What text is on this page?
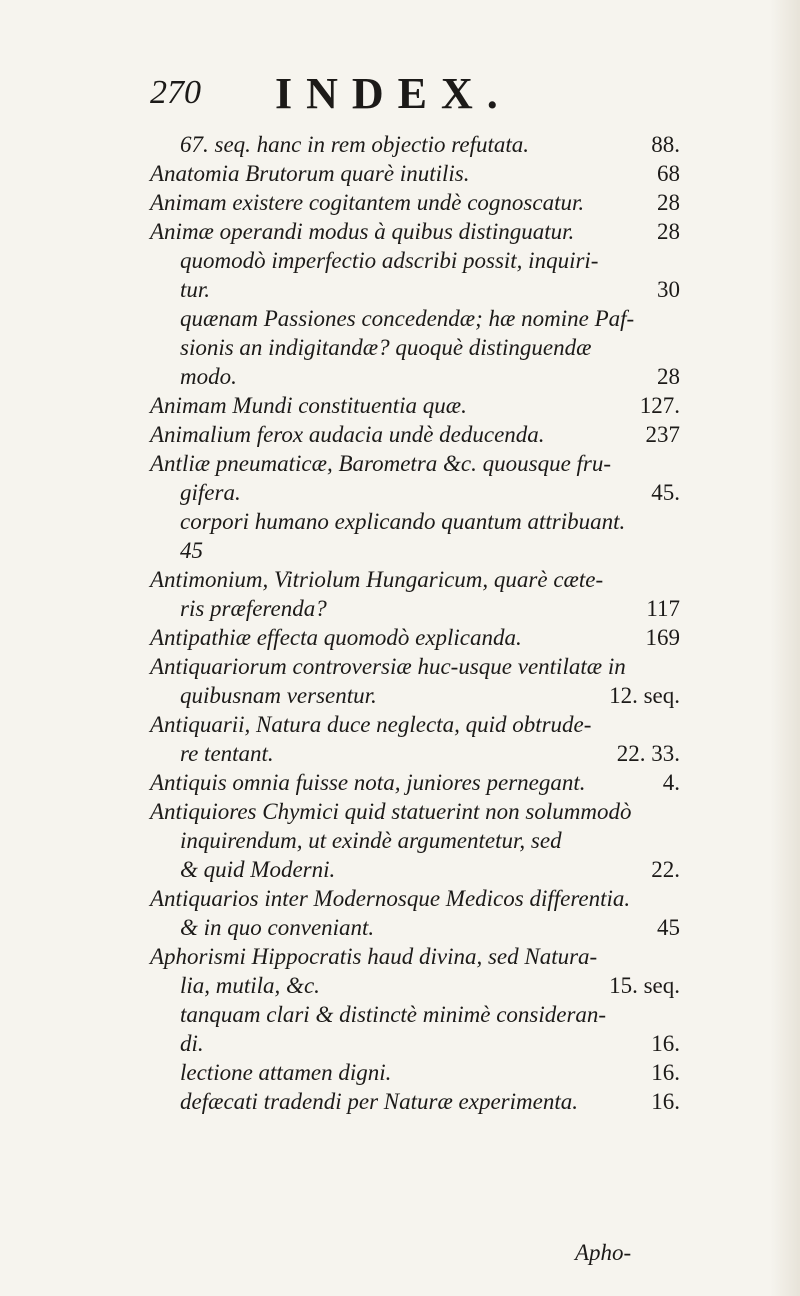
270 INDEX.
67. seq. hanc in rem objectio refutata.	88.
Anatomia Brutorum quarè inutilis.	68
Animam existere cogitantem undè cognoscatur.	28
Animæ operandi modus à quibus distinguatur.	28
quomodò imperfectio adscribi possit, inquiri-
tur.	30
quænam Passiones concedendæ; hæ nomine Paf-
sionis an indigitandæ? quoquè distinguendæ
modo.	28
Animam Mundi constituentia quæ.	127.
Animalium ferox audacia undè deducenda.	237
Antliæ pneumaticæ, Barometra &c. quousque fru-
gifera.	45.
corpori humano explicando quantum attribuant.
45
Antimonium, Vitriolum Hungaricum, quarè cæte-
ris præferenda?	117
Antipathiæ effecta quomodò explicanda.	169
Antiquariorum controversiæ huc-usque ventilatæ in
quibusnam versentur.	12. seq.
Antiquarii, Natura duce neglecta, quid obtrude-
re tentant.	22. 33.
Antiquis omnia fuisse nota, juniores pernegant.	4.
Antiquiores Chymici quid statuerint non solummodò
inquirendum, ut exindè argumentetur, sed
& quid Moderni.	22.
Antiquarios inter Modernosque Medicos differentia.
& in quo conveniant.	45
Aphorismi Hippocratis haud divina, sed Natura-
lia, mutila, &c.	15. seq.
tanquam clari & distinctè minimè consideran-
di.	16.
lectione attamen digni.	16.
defæcati tradendi per Naturæ experimenta.	16.
Apho-
